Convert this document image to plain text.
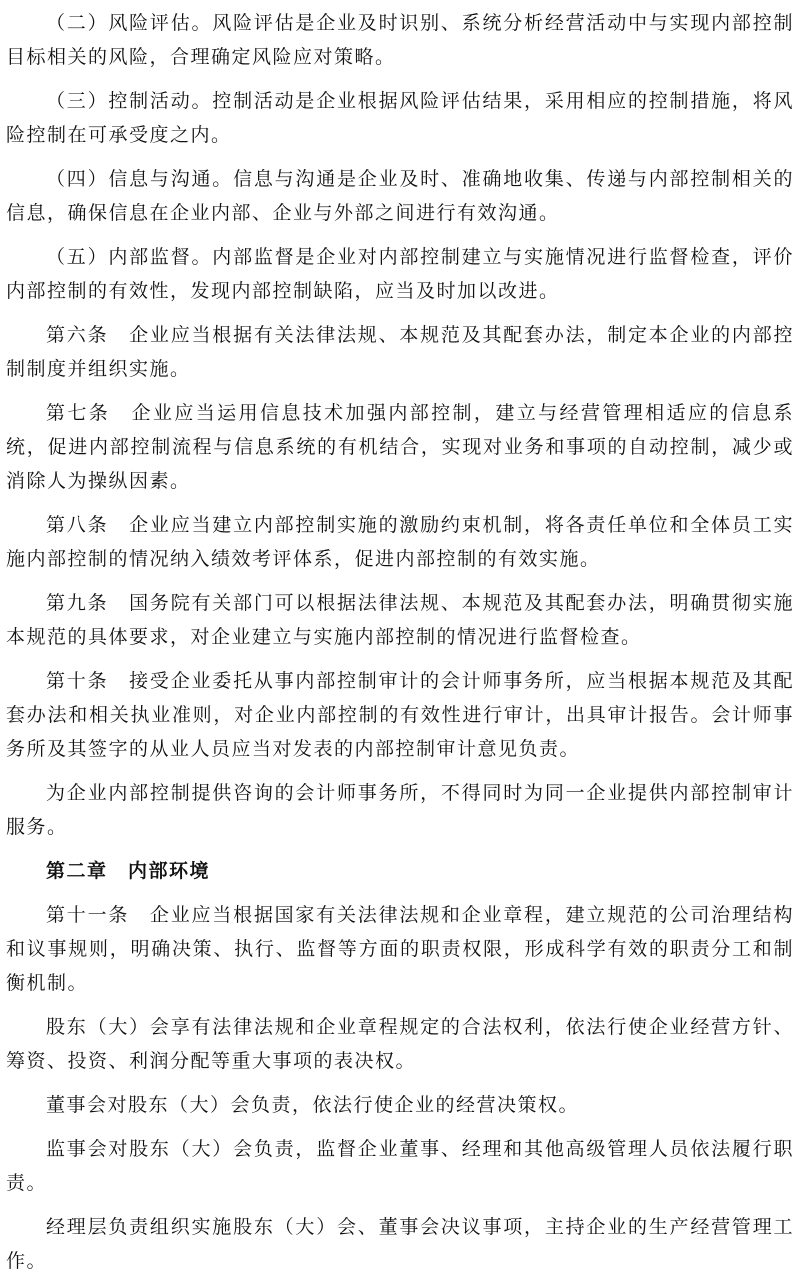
（二）风险评估。风险评估是企业及时识别、系统分析经营活动中与实现内部控制目标相关的风险，合理确定风险应对策略。

（三）控制活动。控制活动是企业根据风险评估结果，采用相应的控制措施，将风险控制在可承受度之内。

（四）信息与沟通。信息与沟通是企业及时、准确地收集、传递与内部控制相关的信息，确保信息在企业内部、企业与外部之间进行有效沟通。

（五）内部监督。内部监督是企业对内部控制建立与实施情况进行监督检查，评价内部控制的有效性，发现内部控制缺陷，应当及时加以改进。

第六条　企业应当根据有关法律法规、本规范及其配套办法，制定本企业的内部控制制度并组织实施。

第七条　企业应当运用信息技术加强内部控制，建立与经营管理相适应的信息系统，促进内部控制流程与信息系统的有机结合，实现对业务和事项的自动控制，减少或消除人为操纵因素。

第八条　企业应当建立内部控制实施的激励约束机制，将各责任单位和全体员工实施内部控制的情况纳入绩效考评体系，促进内部控制的有效实施。

第九条　国务院有关部门可以根据法律法规、本规范及其配套办法，明确贯彻实施本规范的具体要求，对企业建立与实施内部控制的情况进行监督检查。

第十条　接受企业委托从事内部控制审计的会计师事务所，应当根据本规范及其配套办法和相关执业准则，对企业内部控制的有效性进行审计，出具审计报告。会计师事务所及其签字的从业人员应当对发表的内部控制审计意见负责。

为企业内部控制提供咨询的会计师事务所，不得同时为同一企业提供内部控制审计服务。

第二章　内部环境

第十一条　企业应当根据国家有关法律法规和企业章程，建立规范的公司治理结构和议事规则，明确决策、执行、监督等方面的职责权限，形成科学有效的职责分工和制衡机制。

股东（大）会享有法律法规和企业章程规定的合法权利，依法行使企业经营方针、筹资、投资、利润分配等重大事项的表决权。

董事会对股东（大）会负责，依法行使企业的经营决策权。

监事会对股东（大）会负责，监督企业董事、经理和其他高级管理人员依法履行职责。

经理层负责组织实施股东（大）会、董事会决议事项，主持企业的生产经营管理工作。
